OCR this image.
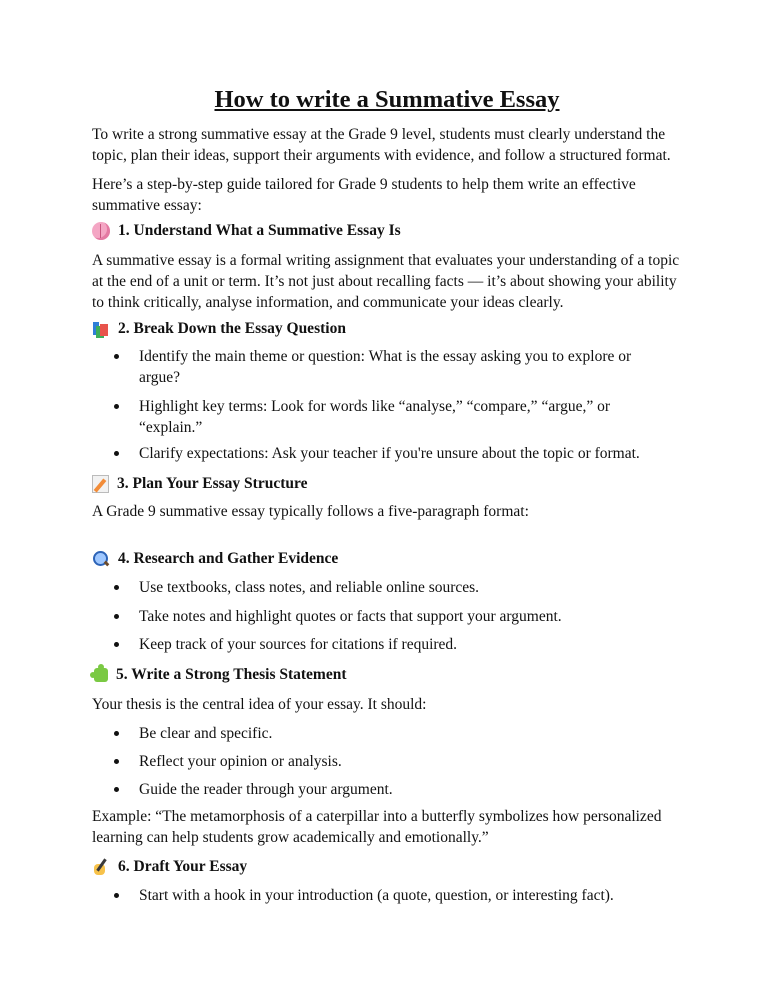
How to write a Summative Essay

To write a strong summative essay at the Grade 9 level, students must clearly understand the topic, plan their ideas, support their arguments with evidence, and follow a structured format.

Here’s a step-by-step guide tailored for Grade 9 students to help them write an effective summative essay:

1. Understand What a Summative Essay Is

A summative essay is a formal writing assignment that evaluates your understanding of a topic at the end of a unit or term. It’s not just about recalling facts — it’s about showing your ability to think critically, analyse information, and communicate your ideas clearly.

2. Break Down the Essay Question
Identify the main theme or question: What is the essay asking you to explore or argue?
Highlight key terms: Look for words like “analyse,” “compare,” “argue,” or “explain.”
Clarify expectations: Ask your teacher if you're unsure about the topic or format.
3. Plan Your Essay Structure

A Grade 9 summative essay typically follows a five-paragraph format:

4. Research and Gather Evidence
Use textbooks, class notes, and reliable online sources.
Take notes and highlight quotes or facts that support your argument.
Keep track of your sources for citations if required.
5. Write a Strong Thesis Statement

Your thesis is the central idea of your essay. It should:

Be clear and specific.
Reflect your opinion or analysis.
Guide the reader through your argument.

Example: “The metamorphosis of a caterpillar into a butterfly symbolizes how personalized learning can help students grow academically and emotionally.”

6. Draft Your Essay
Start with a hook in your introduction (a quote, question, or interesting fact).
